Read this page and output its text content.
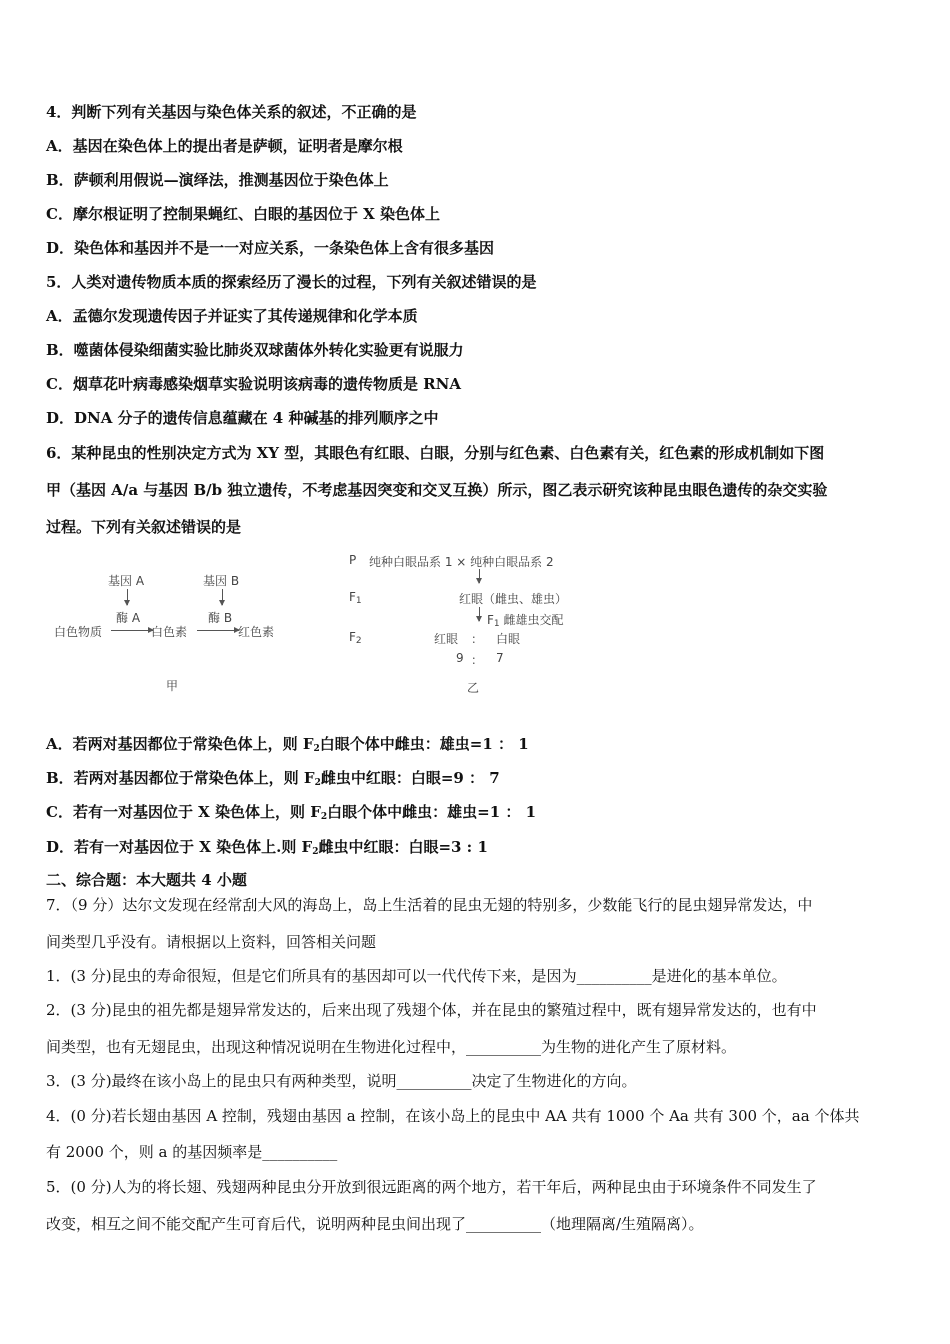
4．判断下列有关基因与染色体关系的叙述，不正确的是
A．基因在染色体上的提出者是萨顿，证明者是摩尔根
B．萨顿利用假说—演绎法，推测基因位于染色体上
C．摩尔根证明了控制果蝇红、白眼的基因位于 X 染色体上
D．染色体和基因并不是一一对应关系，一条染色体上含有很多基因
5．人类对遗传物质本质的探索经历了漫长的过程，下列有关叙述错误的是
A．孟德尔发现遗传因子并证实了其传递规律和化学本质
B．噬菌体侵染细菌实验比肺炎双球菌体外转化实验更有说服力
C．烟草花叶病毒感染烟草实验说明该病毒的遗传物质是 RNA
D．DNA 分子的遗传信息蕴藏在 4 种碱基的排列顺序之中
6．某种昆虫的性别决定方式为 XY 型，其眼色有红眼、白眼，分别与红色素、白色素有关，红色素的形成机制如下图
甲（基因 A/a 与基因 B/b 独立遗传，不考虑基因突变和交叉互换）所示，图乙表示研究该种昆虫眼色遗传的杂交实验
过程。下列有关叙述错误的是
基因 A	基因 B
酶 A	酶 B
白色物质	白色素	红色素
甲
P 纯种白眼品系 1 × 纯种白眼品系 2
$F_1$	红眼（雌虫、雄虫）
$F_1$ 雌雄虫交配
$F_2$	红眼 ： 白眼
9 ： 7
乙
A．若两对基因都位于常染色体上，则 $F_2$白眼个体中雌虫：雄虫=1 ： 1
B．若两对基因都位于常染色体上，则 $F_2$雌虫中红眼：白眼=9 ： 7
C．若有一对基因位于 X 染色体上，则 $F_2$白眼个体中雌虫：雄虫=1 ： 1
D．若有一对基因位于 X 染色体上.则 $F_2$雌虫中红眼：白眼=3 : 1
二、综合题：本大题共 4 小题
7．（9 分）达尔文发现在经常刮大风的海岛上，岛上生活着的昆虫无翅的特别多，少数能飞行的昆虫翅异常发达，中
间类型几乎没有。请根据以上资料，回答相关问题
1．(3 分)昆虫的寿命很短，但是它们所具有的基因却可以一代代传下来，是因为__________是进化的基本单位。
2．(3 分)昆虫的祖先都是翅异常发达的，后来出现了残翅个体，并在昆虫的繁殖过程中，既有翅异常发达的，也有中
间类型，也有无翅昆虫，出现这种情况说明在生物进化过程中，__________为生物的进化产生了原材料。
3．(3 分)最终在该小岛上的昆虫只有两种类型，说明__________决定了生物进化的方向。
4．(0 分)若长翅由基因 A 控制，残翅由基因 a 控制，在该小岛上的昆虫中 AA 共有 1000 个 Aa 共有 300 个，aa 个体共
有 2000 个，则 a 的基因频率是__________
5．(0 分)人为的将长翅、残翅两种昆虫分开放到很远距离的两个地方，若干年后，两种昆虫由于环境条件不同发生了
改变，相互之间不能交配产生可育后代，说明两种昆虫间出现了__________（地理隔离/生殖隔离）。
